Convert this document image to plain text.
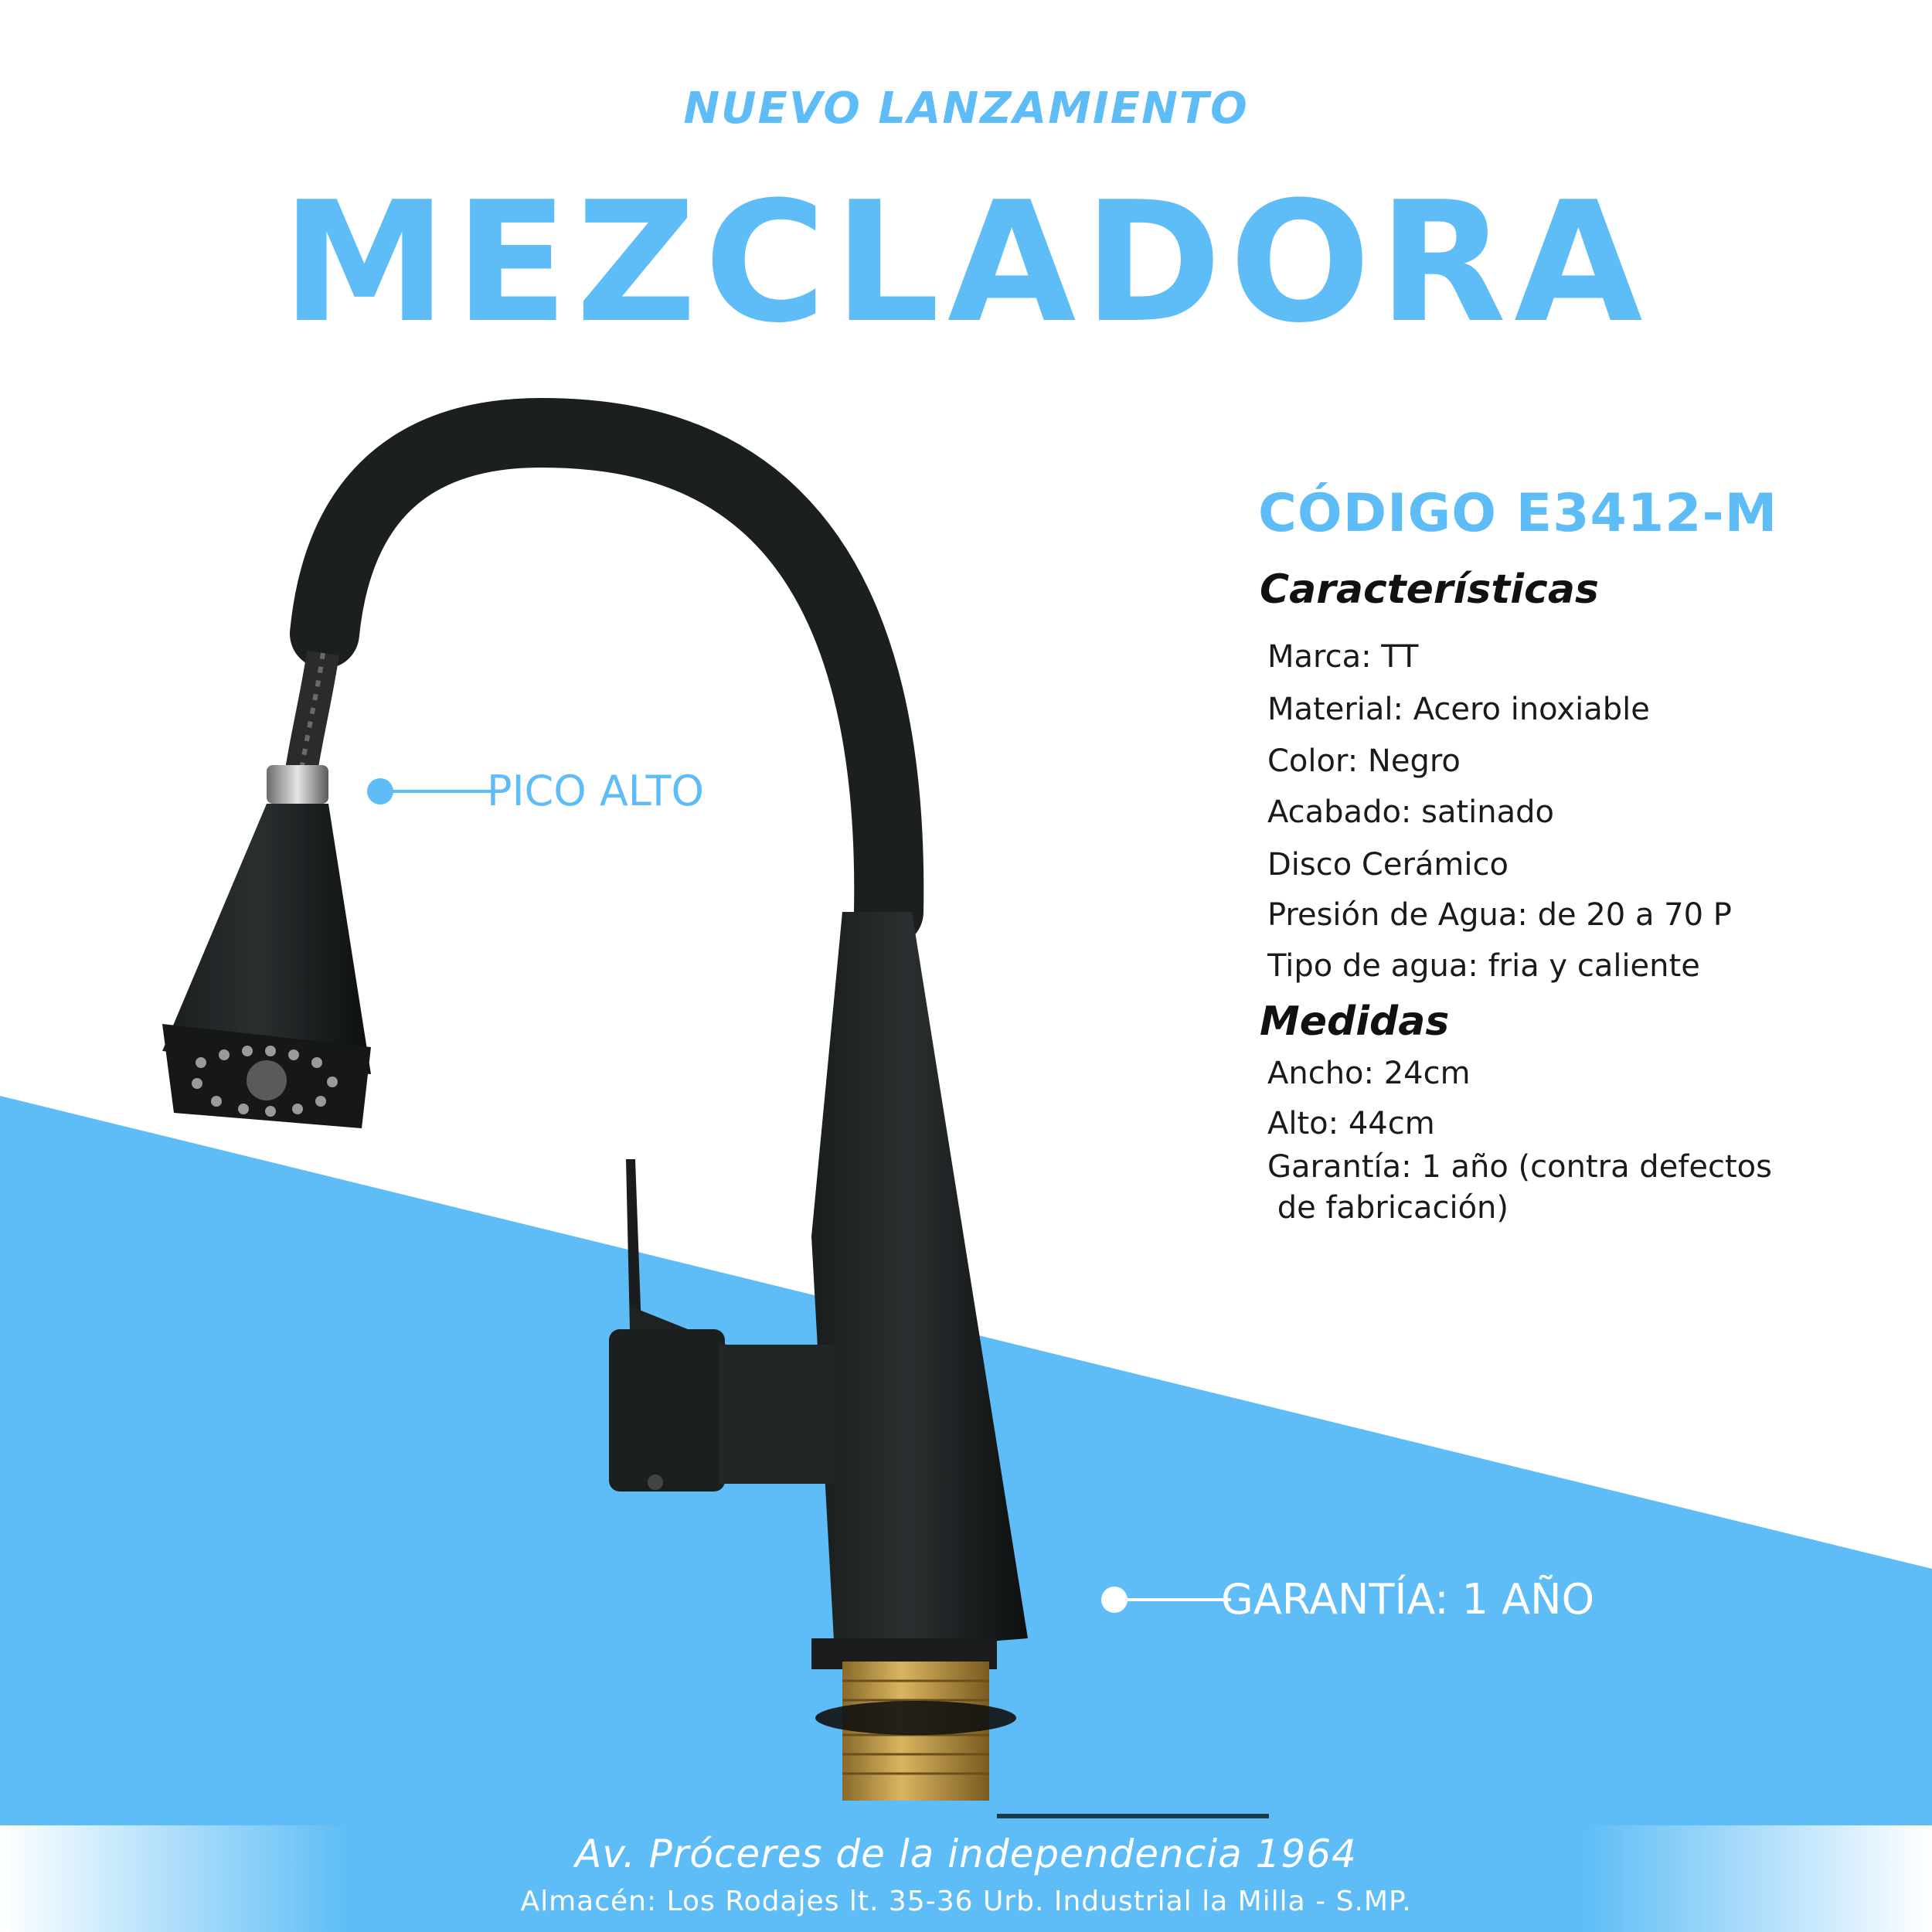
NUEVO LANZAMIENTO
MEZCLADORA
PICO ALTO
GARANTÍA: 1 AÑO
CÓDIGO E3412-M
Características
Marca: TT
Material: Acero inoxiable
Color: Negro
Acabado: satinado
Disco Cerámico
Presión de Agua: de 20 a 70 P
Tipo de agua: fria y caliente
Medidas
Ancho: 24cm
Alto: 44cm
Garantía: 1 año (contra defectos
de fabricación)
Av. Próceres de la independencia 1964
Almacén: Los Rodajes lt. 35-36 Urb. Industrial la Milla - S.MP.
